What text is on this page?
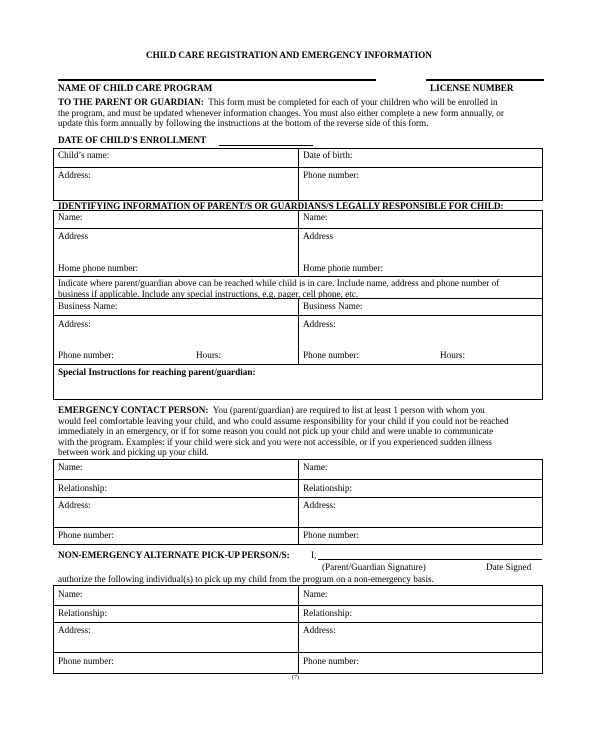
CHILD CARE REGISTRATION AND EMERGENCY INFORMATION
NAME OF CHILD CARE PROGRAM	LICENSE NUMBER
TO THE PARENT OR GUARDIAN: This form must be completed for each of your children who will be enrolled in
the program, and must be updated whenever information changes. You must also either complete a new form annually, or
update this form annually by following the instructions at the bottom of the reverse side of this form.
DATE OF CHILD'S ENROLLMENT
Child’s name:	Date of birth:
Address:	Phone number:
IDENTIFYING INFORMATION OF PARENT/S OR GUARDIANS/S LEGALLY RESPONSIBLE FOR CHILD:
Name:	Name:
Address	Address
Home phone number:	Home phone number:
Indicate where parent/guardian above can be reached while child is in care. Include name, address and phone number of
business if applicable. Include any special instructions, e.g. pager, cell phone, etc.
Business Name:	Business Name:
Address:	Address:
Phone number:	Hours:	Phone number:	Hours:
Special Instructions for reaching parent/guardian:
EMERGENCY CONTACT PERSON: You (parent/guardian) are required to list at least 1 person with whom you
would feel comfortable leaving your child, and who could assume responsibility for your child if you could not be reached
immediately in an emergency, or if for some reason you could not pick up your child and were unable to communicate
with the program. Examples: if your child were sick and you were not accessible, or if you experienced sudden illness
between work and picking up your child.
Name:	Name:
Relationship:	Relationship:
Address:	Address:
Phone number:	Phone number:
NON-EMERGENCY ALTERNATE PICK-UP PERSON/S: I,
(Parent/Guardian Signature)	Date Signed
authorize the following individual(s) to pick up my child from the program on a non-emergency basis.
Name:	Name:
Relationship:	Relationship:
Address:	Address:
Phone number:	Phone number:
(7)
